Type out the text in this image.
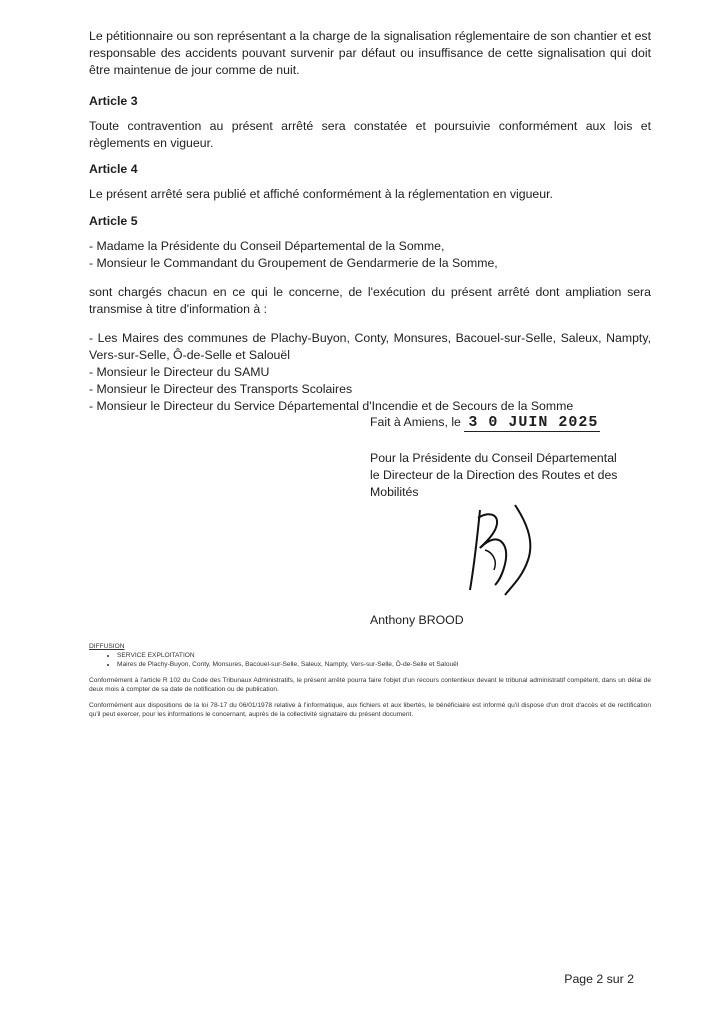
Le pétitionnaire ou son représentant a la charge de la signalisation réglementaire de son chantier et est responsable des accidents pouvant survenir par défaut ou insuffisance de cette signalisation qui doit être maintenue de jour comme de nuit.

Article 3

Toute contravention au présent arrêté sera constatée et poursuivie conformément aux lois et règlements en vigueur.

Article 4

Le présent arrêté sera publié et affiché conformément à la réglementation en vigueur.

Article 5
- Madame la Présidente du Conseil Départemental de la Somme,
- Monsieur le Commandant du Groupement de Gendarmerie de la Somme,

sont chargés chacun en ce qui le concerne, de l'exécution du présent arrêté dont ampliation sera transmise à titre d'information à :

- Les Maires des communes de Plachy-Buyon, Conty, Monsures, Bacouel-sur-Selle, Saleux, Nampty, Vers-sur-Selle, Ô-de-Selle et Salouël
- Monsieur le Directeur du SAMU
- Monsieur le Directeur des Transports Scolaires
- Monsieur le Directeur du Service Départemental d'Incendie et de Secours de la Somme
Fait à Amiens, le 3 0 JUIN 2025
Pour la Présidente du Conseil Départemental
le Directeur de la Direction des Routes et des
Mobilités
Anthony BROOD
DIFFUSION
• SERVICE EXPLOITATION
• Maires de Plachy-Buyon, Conty, Monsures, Bacouel-sur-Selle, Saleux, Nampty, Vers-sur-Selle, Ô-de-Selle et Salouël

Conformément à l'article R 102 du Code des Tribunaux Administratifs, le présent arrêté pourra faire l'objet d'un recours contentieux devant le tribunal administratif compétent, dans un délai de deux mois à compter de sa date de notification ou de publication.

Conformément aux dispositions de la loi 78-17 du 06/01/1978 relative à l'informatique, aux fichiers et aux libertés, le bénéficiaire est informé qu'il dispose d'un droit d'accès et de rectification qu'il peut exercer, pour les informations le concernant, auprès de la collectivité signataire du présent document.

Page 2 sur 2
